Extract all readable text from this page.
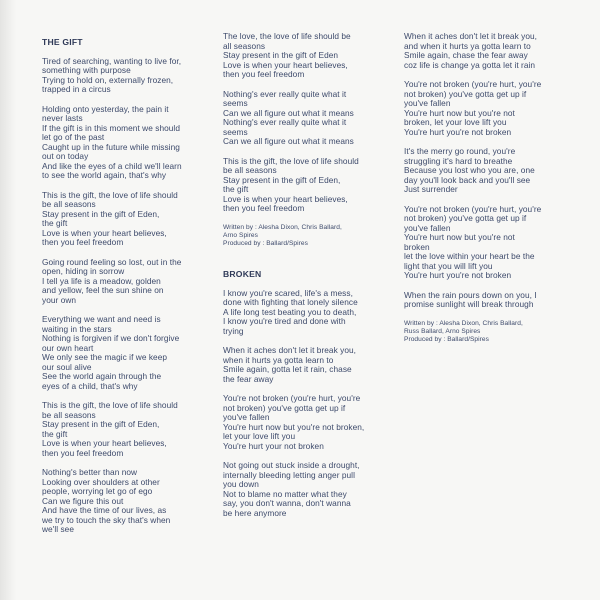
THE GIFT
Tired of searching, wanting to live for,
something with purpose
Trying to hold on, externally frozen,
trapped in a circus
Holding onto yesterday, the pain it
never lasts
If the gift is in this moment we should
let go of the past
Caught up in the future while missing
out on today
And like the eyes of a child we'll learn
to see the world again, that's why
This is the gift, the love of life should
be all seasons
Stay present in the gift of Eden,
the gift
Love is when your heart believes,
then you feel freedom
Going round feeling so lost, out in the
open, hiding in sorrow
I tell ya life is a meadow, golden
and yellow, feel the sun shine on
your own
Everything we want and need is
waiting in the stars
Nothing is forgiven if we don't forgive
our own heart
We only see the magic if we keep
our soul alive
See the world again through the
eyes of a child, that's why
This is the gift, the love of life should
be all seasons
Stay present in the gift of Eden,
the gift
Love is when your heart believes,
then you feel freedom
Nothing's better than now
Looking over shoulders at other
people, worrying let go of ego
Can we figure this out
And have the time of our lives, as
we try to touch the sky that's when
we'll see
The love, the love of life should be
all seasons
Stay present in the gift of Eden
Love is when your heart believes,
then you feel freedom
Nothing's ever really quite what it
seems
Can we all figure out what it means
Nothing's ever really quite what it
seems
Can we all figure out what it means
This is the gift, the love of life should
be all seasons
Stay present in the gift of Eden,
the gift
Love is when your heart believes,
then you feel freedom
Written by : Alesha Dixon, Chris Ballard,
Arno Spires
Produced by : Ballard/Spires
BROKEN
I know you're scared, life's a mess,
done with fighting that lonely silence
A life long test beating you to death,
I know you're tired and done with
trying
When it aches don't let it break you,
when it hurts ya gotta learn to
Smile again, gotta let it rain, chase
the fear away
You're not broken (you're hurt, you're
not broken) you've gotta get up if
you've fallen
You're hurt now but you're not broken,
let your love lift you
You're hurt your not broken
Not going out stuck inside a drought,
internally bleeding letting anger pull
you down
Not to blame no matter what they
say, you don't wanna, don't wanna
be here anymore
When it aches don't let it break you,
and when it hurts ya gotta learn to
Smile again, chase the fear away
coz life is change ya gotta let it rain
You're not broken (you're hurt, you're
not broken) you've gotta get up if
you've fallen
You're hurt now but you're not
broken, let your love lift you
You're hurt you're not broken
It's the merry go round, you're
struggling it's hard to breathe
Because you lost who you are, one
day you'll look back and you'll see
Just surrender
You're not broken (you're hurt, you're
not broken) you've gotta get up if
you've fallen
You're hurt now but you're not
broken
let the love within your heart be the
light that you will lift you
You're hurt you're not broken
When the rain pours down on you, I
promise sunlight will break through
Written by : Alesha Dixon, Chris Ballard,
Russ Ballard, Arno Spires
Produced by : Ballard/Spires
